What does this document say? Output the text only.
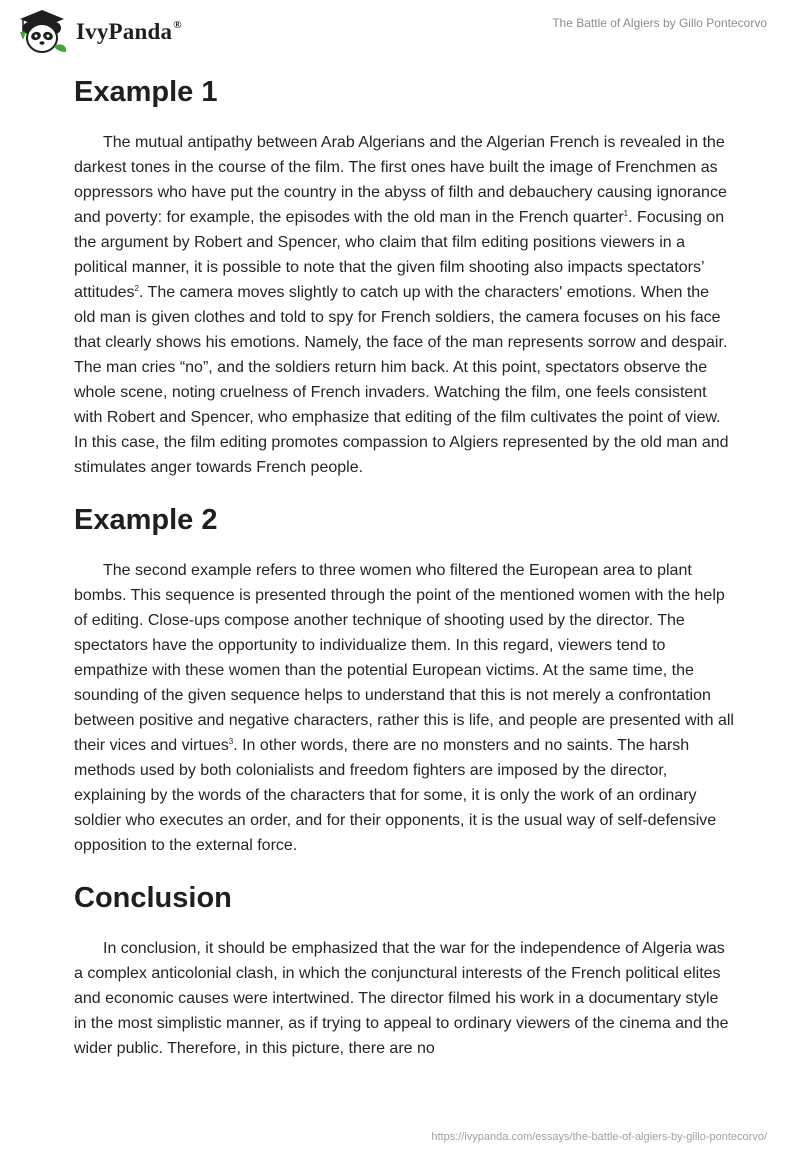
IvyPanda®	The Battle of Algiers by Gillo Pontecorvo
Example 1

The mutual antipathy between Arab Algerians and the Algerian French is revealed in the darkest tones in the course of the film. The first ones have built the image of Frenchmen as oppressors who have put the country in the abyss of filth and debauchery causing ignorance and poverty: for example, the episodes with the old man in the French quarter$^1$. Focusing on the argument by Robert and Spencer, who claim that film editing positions viewers in a political manner, it is possible to note that the given film shooting also impacts spectators’ attitudes$^2$. The camera moves slightly to catch up with the characters' emotions. When the old man is given clothes and told to spy for French soldiers, the camera focuses on his face that clearly shows his emotions. Namely, the face of the man represents sorrow and despair. The man cries “no”, and the soldiers return him back. At this point, spectators observe the whole scene, noting cruelness of French invaders. Watching the film, one feels consistent with Robert and Spencer, who emphasize that editing of the film cultivates the point of view. In this case, the film editing promotes compassion to Algiers represented by the old man and stimulates anger towards French people.

Example 2

The second example refers to three women who filtered the European area to plant bombs. This sequence is presented through the point of the mentioned women with the help of editing. Close-ups compose another technique of shooting used by the director. The spectators have the opportunity to individualize them. In this regard, viewers tend to empathize with these women than the potential European victims. At the same time, the sounding of the given sequence helps to understand that this is not merely a confrontation between positive and negative characters, rather this is life, and people are presented with all their vices and virtues$^3$. In other words, there are no monsters and no saints. The harsh methods used by both colonialists and freedom fighters are imposed by the director, explaining by the words of the characters that for some, it is only the work of an ordinary soldier who executes an order, and for their opponents, it is the usual way of self-defensive opposition to the external force.

Conclusion

In conclusion, it should be emphasized that the war for the independence of Algeria was a complex anticolonial clash, in which the conjunctural interests of the French political elites and economic causes were intertwined. The director filmed his work in a documentary style in the most simplistic manner, as if trying to appeal to ordinary viewers of the cinema and the wider public. Therefore, in this picture, there are no

https://ivypanda.com/essays/the-battle-of-algiers-by-gillo-pontecorvo/
